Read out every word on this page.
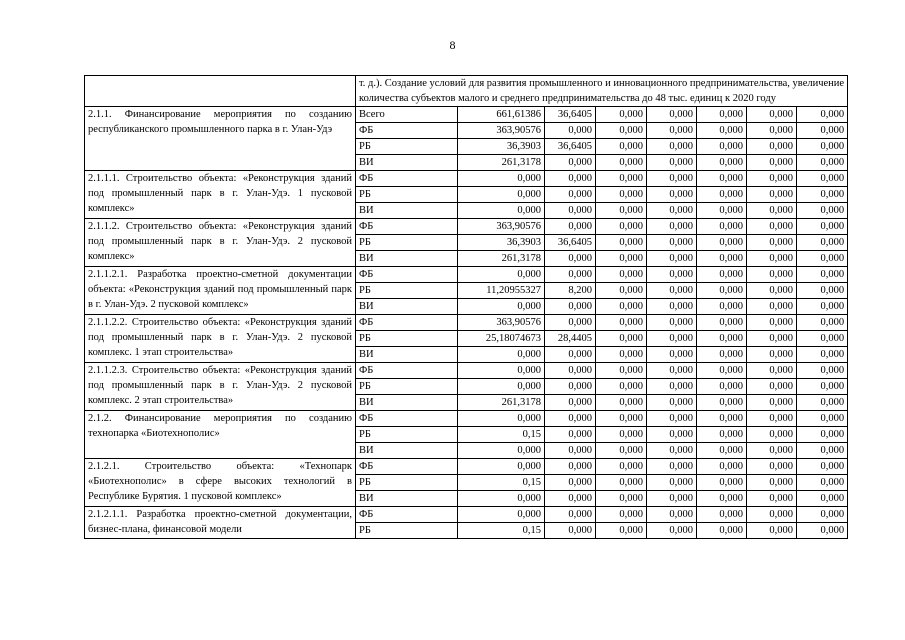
8
	т. д.). Создание условий для развития промышленного и инновационного предпринимательства, увеличение количества субъектов малого и среднего предпринимательства до 48 тыс. единиц к 2020 году							
2.1.1. Финансирование мероприятия по созданию республиканского промышленного парка в г. Улан-Удэ	Всего	661,61386	36,6405	0,000	0,000	0,000	0,000	0,000
	ФБ	363,90576	0,000	0,000	0,000	0,000	0,000	0,000
	РБ	36,3903	36,6405	0,000	0,000	0,000	0,000	0,000
	ВИ	261,3178	0,000	0,000	0,000	0,000	0,000	0,000
2.1.1.1. Строительство объекта: «Реконструкция зданий под промышленный парк в г. Улан-Удэ. 1 пусковой комплекс»	ФБ	0,000	0,000	0,000	0,000	0,000	0,000	0,000
	РБ	0,000	0,000	0,000	0,000	0,000	0,000	0,000
	ВИ	0,000	0,000	0,000	0,000	0,000	0,000	0,000
2.1.1.2. Строительство объекта: «Реконструкция зданий под промышленный парк в г. Улан-Удэ. 2 пусковой комплекс»	ФБ	363,90576	0,000	0,000	0,000	0,000	0,000	0,000
	РБ	36,3903	36,6405	0,000	0,000	0,000	0,000	0,000
	ВИ	261,3178	0,000	0,000	0,000	0,000	0,000	0,000
2.1.1.2.1. Разработка проектно-сметной документации объекта: «Реконструкция зданий под промышленный парк в г. Улан-Удэ. 2 пусковой комплекс»	ФБ	0,000	0,000	0,000	0,000	0,000	0,000	0,000
	РБ	11,20955327	8,200	0,000	0,000	0,000	0,000	0,000
	ВИ	0,000	0,000	0,000	0,000	0,000	0,000	0,000
2.1.1.2.2. Строительство объекта: «Реконструкция зданий под промышленный парк в г. Улан-Удэ. 2 пусковой комплекс. 1 этап строительства»	ФБ	363,90576	0,000	0,000	0,000	0,000	0,000	0,000
	РБ	25,18074673	28,4405	0,000	0,000	0,000	0,000	0,000
	ВИ	0,000	0,000	0,000	0,000	0,000	0,000	0,000
2.1.1.2.3. Строительство объекта: «Реконструкция зданий под промышленный парк в г. Улан-Удэ. 2 пусковой комплекс. 2 этап строительства»	ФБ	0,000	0,000	0,000	0,000	0,000	0,000	0,000
	РБ	0,000	0,000	0,000	0,000	0,000	0,000	0,000
	ВИ	261,3178	0,000	0,000	0,000	0,000	0,000	0,000
2.1.2. Финансирование мероприятия по созданию технопарка «Биотехнополис»	ФБ	0,000	0,000	0,000	0,000	0,000	0,000	0,000
	РБ	0,15	0,000	0,000	0,000	0,000	0,000	0,000
	ВИ	0,000	0,000	0,000	0,000	0,000	0,000	0,000
2.1.2.1. Строительство объекта: «Технопарк «Биотехнополис» в сфере высоких технологий в Республике Бурятия. 1 пусковой комплекс»	ФБ	0,000	0,000	0,000	0,000	0,000	0,000	0,000
	РБ	0,15	0,000	0,000	0,000	0,000	0,000	0,000
	ВИ	0,000	0,000	0,000	0,000	0,000	0,000	0,000
2.1.2.1.1. Разработка проектно-сметной документации, бизнес-плана, финансовой модели	ФБ	0,000	0,000	0,000	0,000	0,000	0,000	0,000
	РБ	0,15	0,000	0,000	0,000	0,000	0,000	0,000
